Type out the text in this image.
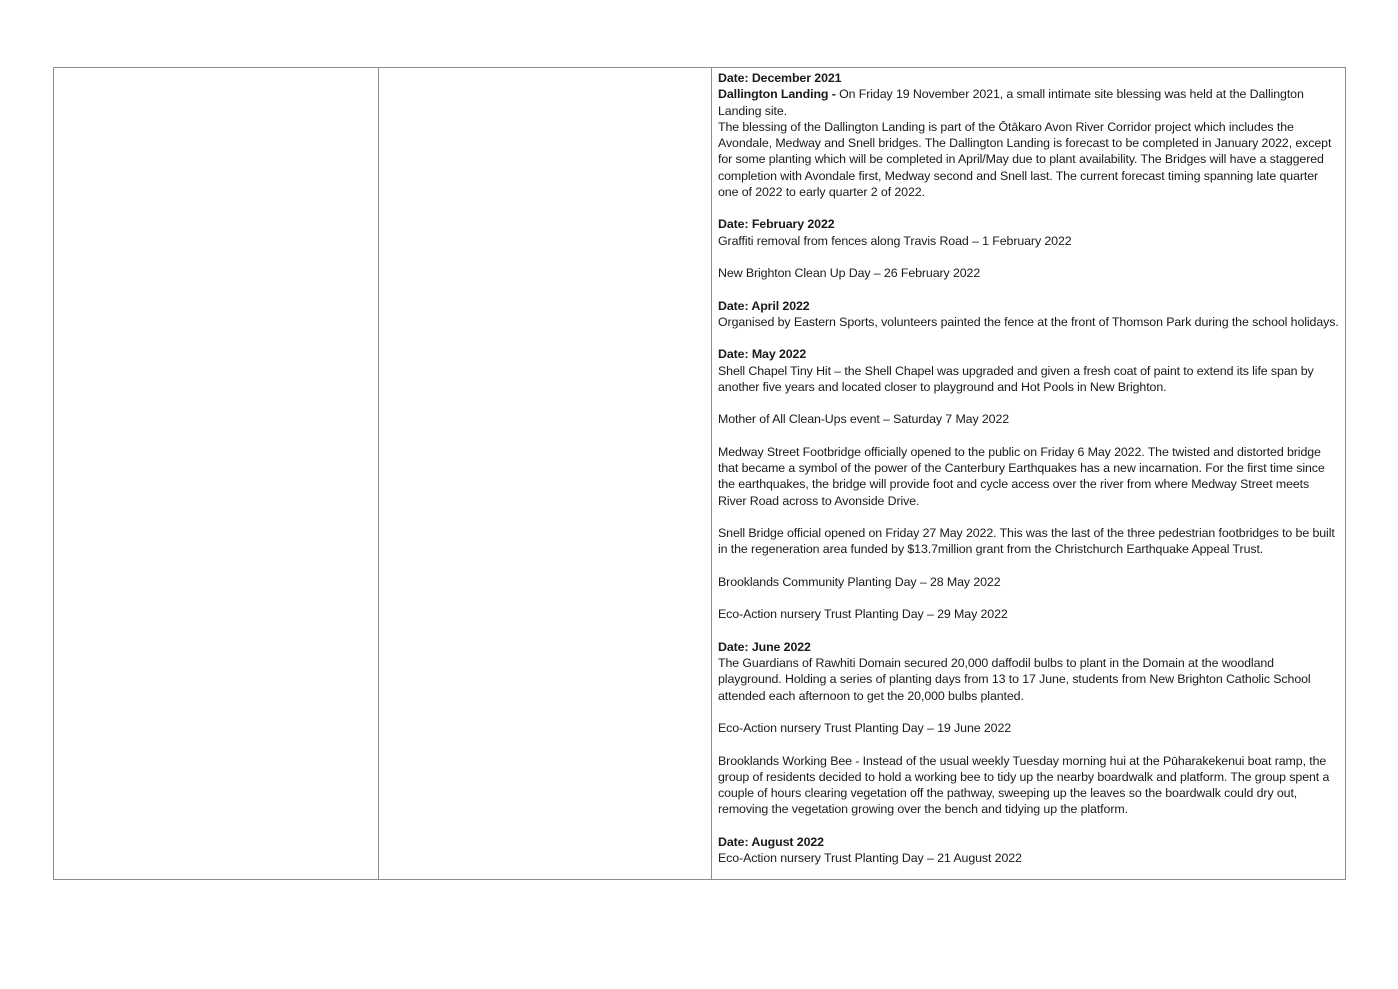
Date: December 2021

Dallington Landing - On Friday 19 November 2021, a small intimate site blessing was held at the Dallington Landing site.

The blessing of the Dallington Landing is part of the Ōtākaro Avon River Corridor project which includes the Avondale, Medway and Snell bridges. The Dallington Landing is forecast to be completed in January 2022, except for some planting which will be completed in April/May due to plant availability. The Bridges will have a staggered completion with Avondale first, Medway second and Snell last. The current forecast timing spanning late quarter one of 2022 to early quarter 2 of 2022.

Date: February 2022

Graffiti removal from fences along Travis Road – 1 February 2022

New Brighton Clean Up Day – 26 February 2022

Date: April 2022

Organised by Eastern Sports, volunteers painted the fence at the front of Thomson Park during the school holidays.

Date: May 2022

Shell Chapel Tiny Hit – the Shell Chapel was upgraded and given a fresh coat of paint to extend its life span by another five years and located closer to playground and Hot Pools in New Brighton.

Mother of All Clean-Ups event – Saturday 7 May 2022

Medway Street Footbridge officially opened to the public on Friday 6 May 2022. The twisted and distorted bridge that became a symbol of the power of the Canterbury Earthquakes has a new incarnation. For the first time since the earthquakes, the bridge will provide foot and cycle access over the river from where Medway Street meets River Road across to Avonside Drive.

Snell Bridge official opened on Friday 27 May 2022. This was the last of the three pedestrian footbridges to be built in the regeneration area funded by $13.7million grant from the Christchurch Earthquake Appeal Trust.

Brooklands Community Planting Day – 28 May 2022

Eco-Action nursery Trust Planting Day – 29 May 2022

Date: June 2022

The Guardians of Rawhiti Domain secured 20,000 daffodil bulbs to plant in the Domain at the woodland playground. Holding a series of planting days from 13 to 17 June, students from New Brighton Catholic School attended each afternoon to get the 20,000 bulbs planted.

Eco-Action nursery Trust Planting Day – 19 June 2022

Brooklands Working Bee - Instead of the usual weekly Tuesday morning hui at the Pūharakekenui boat ramp, the group of residents decided to hold a working bee to tidy up the nearby boardwalk and platform. The group spent a couple of hours clearing vegetation off the pathway, sweeping up the leaves so the boardwalk could dry out, removing the vegetation growing over the bench and tidying up the platform.

Date: August 2022

Eco-Action nursery Trust Planting Day – 21 August 2022
